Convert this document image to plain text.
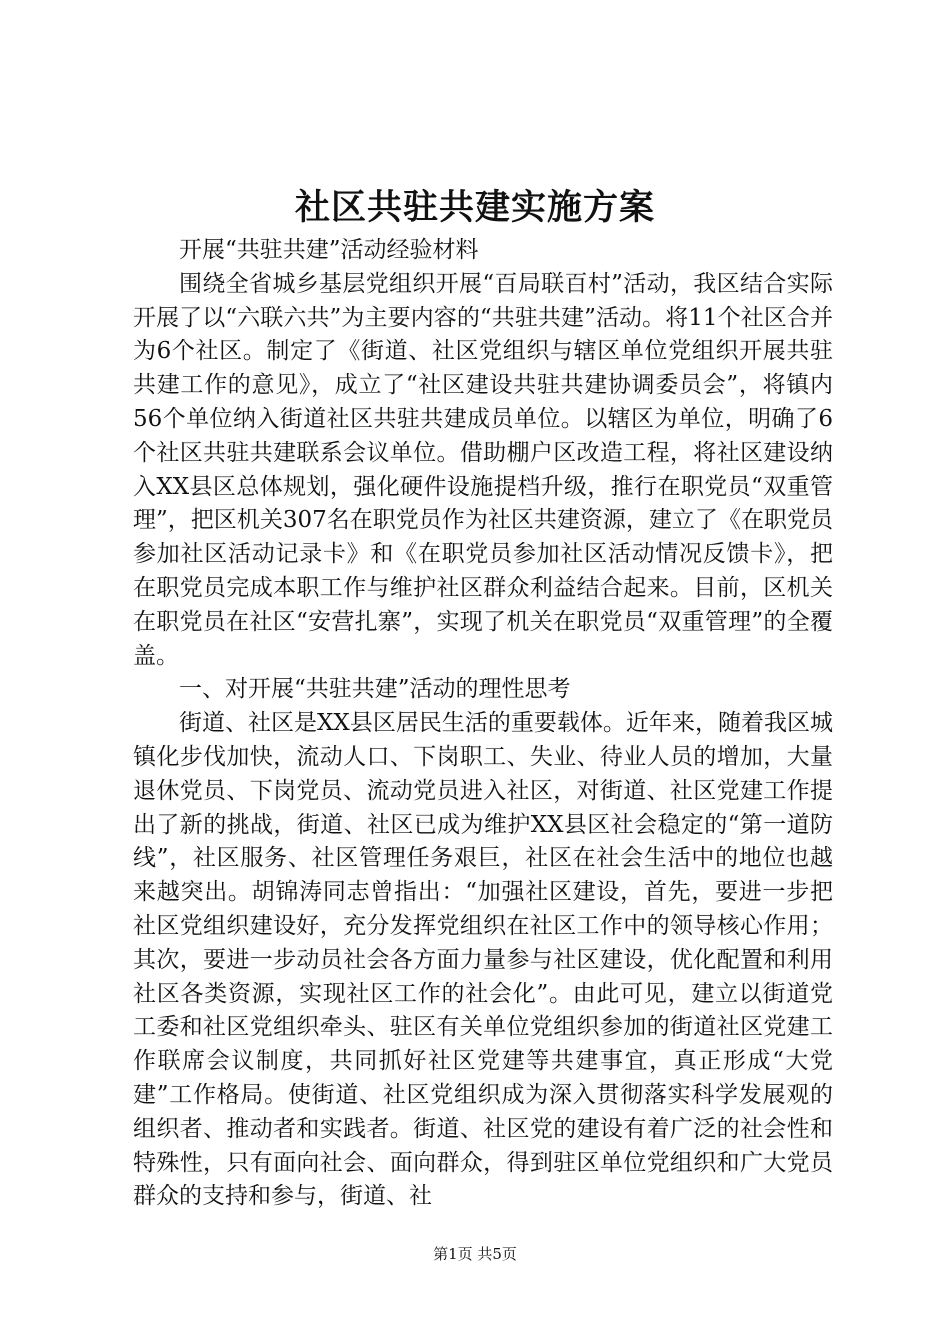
社区共驻共建实施方案

开展“共驻共建”活动经验材料

围绕全省城乡基层党组织开展“百局联百村”活动，我区结合实际开展了以“六联六共”为主要内容的“共驻共建”活动。将11个社区合并为6个社区。制定了《街道、社区党组织与辖区单位党组织开展共驻共建工作的意见》，成立了“社区建设共驻共建协调委员会”，将镇内56个单位纳入街道社区共驻共建成员单位。以辖区为单位，明确了6个社区共驻共建联系会议单位。借助棚户区改造工程，将社区建设纳入XX县区总体规划，强化硬件设施提档升级，推行在职党员“双重管理”，把区机关307名在职党员作为社区共建资源，建立了《在职党员参加社区活动记录卡》和《在职党员参加社区活动情况反馈卡》，把在职党员完成本职工作与维护社区群众利益结合起来。目前，区机关在职党员在社区“安营扎寨”，实现了机关在职党员“双重管理”的全覆盖。

一、对开展“共驻共建”活动的理性思考

街道、社区是XX县区居民生活的重要载体。近年来，随着我区城镇化步伐加快，流动人口、下岗职工、失业、待业人员的增加，大量退休党员、下岗党员、流动党员进入社区，对街道、社区党建工作提出了新的挑战，街道、社区已成为维护XX县区社会稳定的“第一道防线”，社区服务、社区管理任务艰巨，社区在社会生活中的地位也越来越突出。胡锦涛同志曾指出：“加强社区建设，首先，要进一步把社区党组织建设好，充分发挥党组织在社区工作中的领导核心作用；其次，要进一步动员社会各方面力量参与社区建设，优化配置和利用社区各类资源，实现社区工作的社会化”。由此可见，建立以街道党工委和社区党组织牵头、驻区有关单位党组织参加的街道社区党建工作联席会议制度，共同抓好社区党建等共建事宜，真正形成“大党建”工作格局。使街道、社区党组织成为深入贯彻落实科学发展观的组织者、推动者和实践者。街道、社区党的建设有着广泛的社会性和特殊性，只有面向社会、面向群众，得到驻区单位党组织和广大党员群众的支持和参与，街道、社

第1页 共5页
